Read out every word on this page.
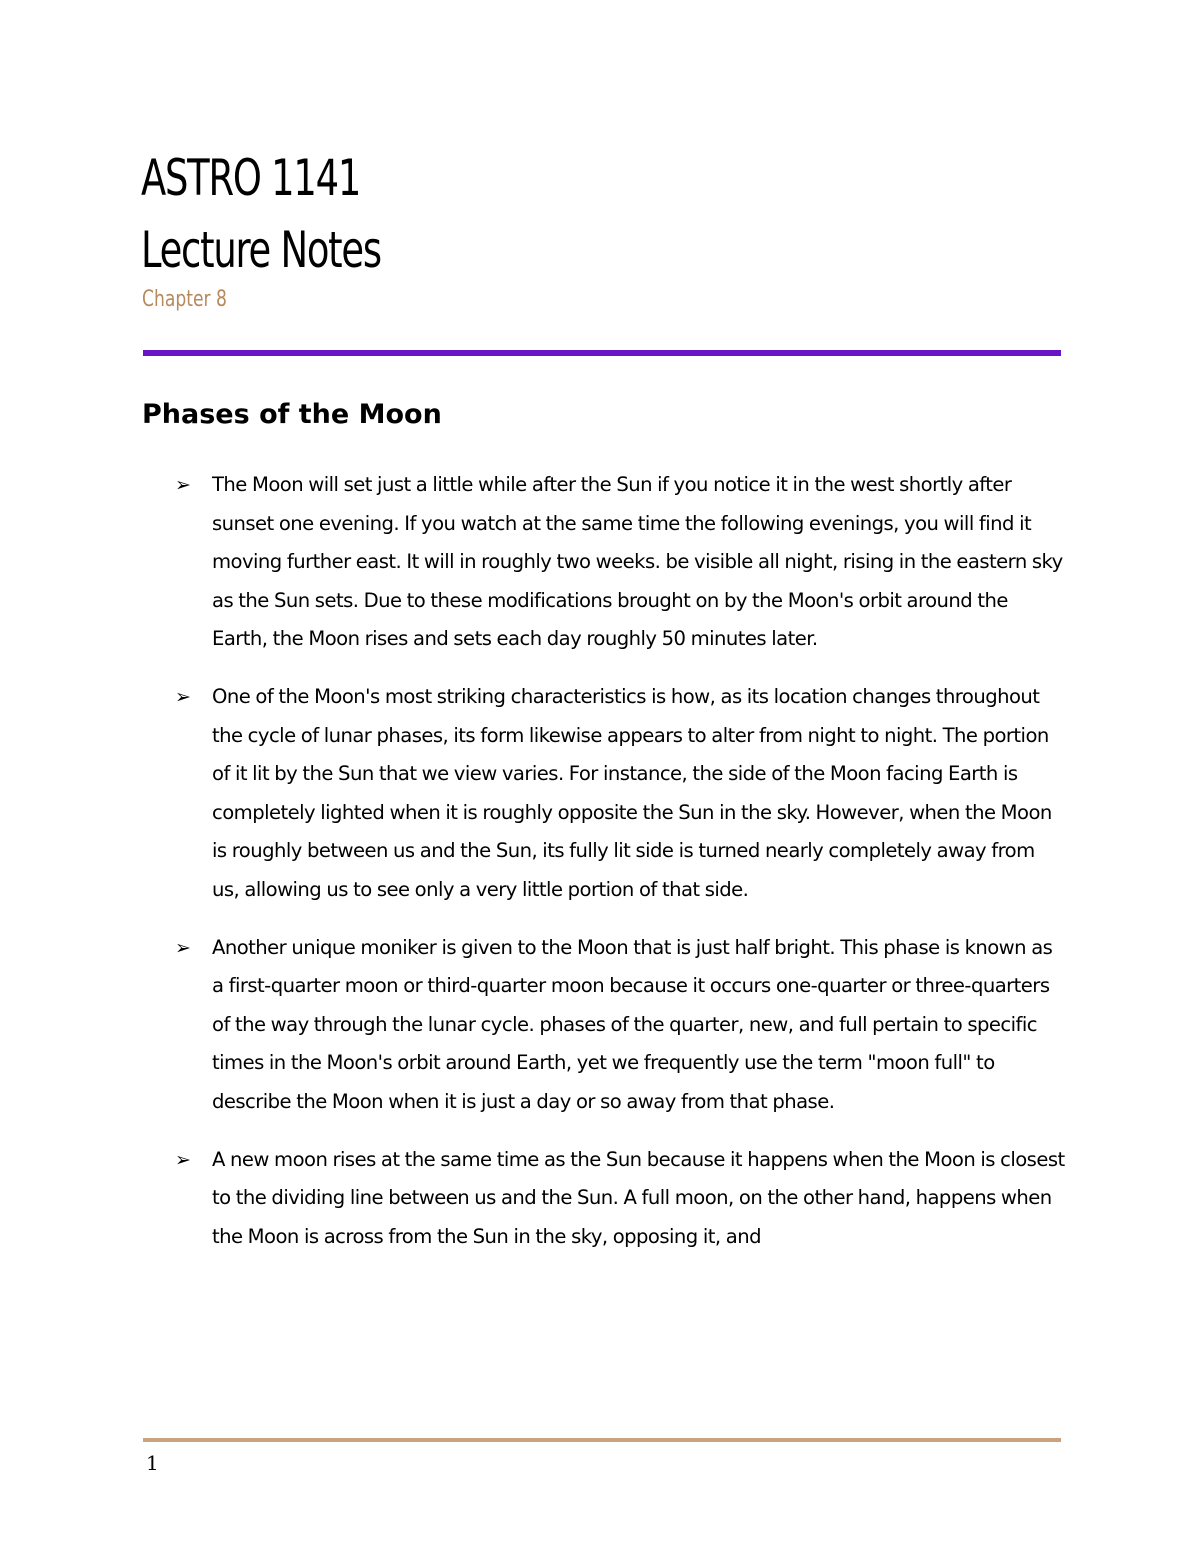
ASTRO 1141
Lecture Notes
Chapter 8
Phases of the Moon
➢ The Moon will set just a little while after the Sun if you notice it in the west shortly after sunset one evening. If you watch at the same time the following evenings, you will find it moving further east. It will in roughly two weeks. be visible all night, rising in the eastern sky as the Sun sets. Due to these modifications brought on by the Moon's orbit around the Earth, the Moon rises and sets each day roughly 50 minutes later.
➢ One of the Moon's most striking characteristics is how, as its location changes throughout the cycle of lunar phases, its form likewise appears to alter from night to night. The portion of it lit by the Sun that we view varies. For instance, the side of the Moon facing Earth is completely lighted when it is roughly opposite the Sun in the sky. However, when the Moon is roughly between us and the Sun, its fully lit side is turned nearly completely away from us, allowing us to see only a very little portion of that side.
➢ Another unique moniker is given to the Moon that is just half bright. This phase is known as a first-quarter moon or third-quarter moon because it occurs one-quarter or three-quarters of the way through the lunar cycle. phases of the quarter, new, and full pertain to specific times in the Moon's orbit around Earth, yet we frequently use the term "moon full" to describe the Moon when it is just a day or so away from that phase.
➢ A new moon rises at the same time as the Sun because it happens when the Moon is closest to the dividing line between us and the Sun. A full moon, on the other hand, happens when the Moon is across from the Sun in the sky, opposing it, and
1
